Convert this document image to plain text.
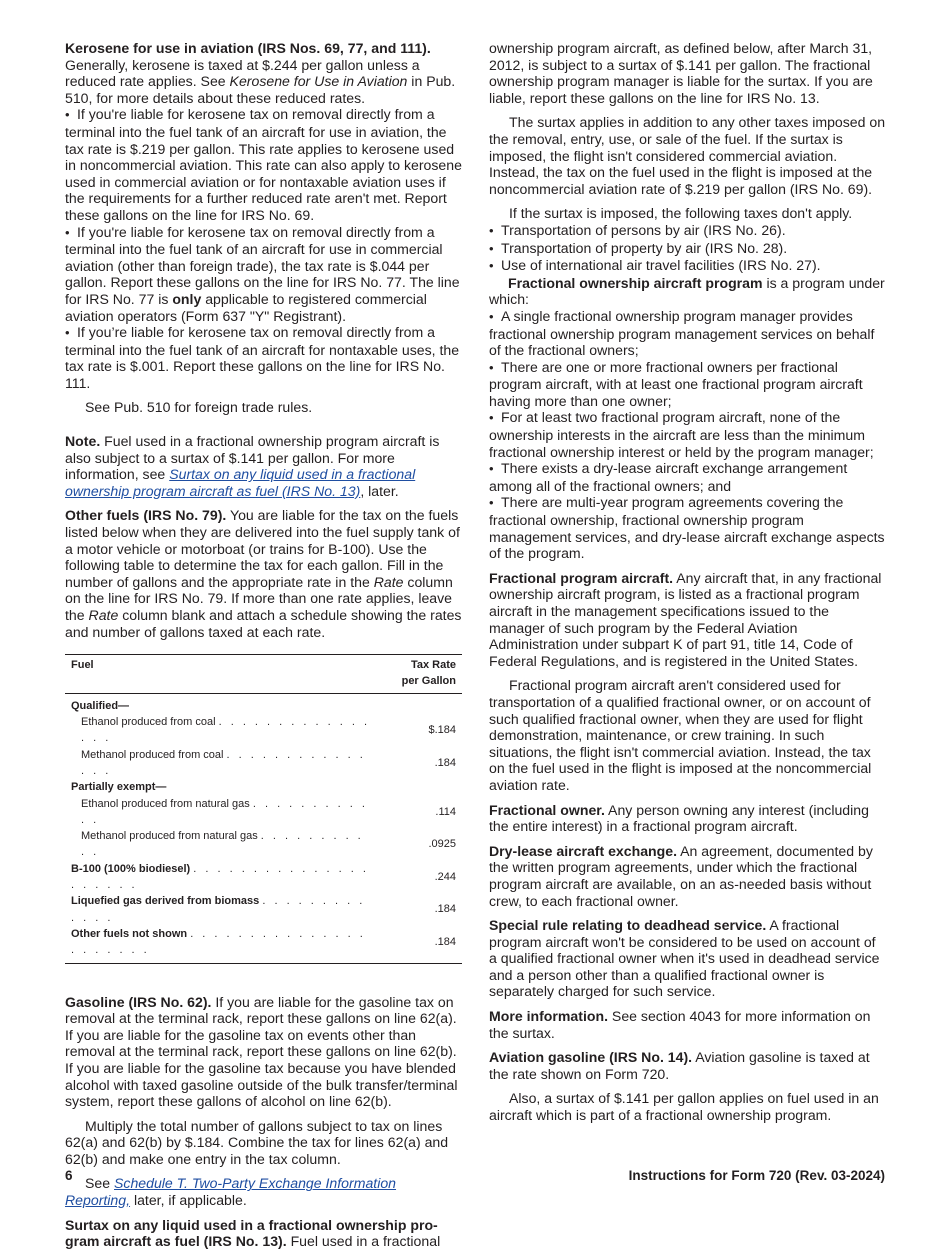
Kerosene for use in aviation (IRS Nos. 69, 77, and 111). Generally, kerosene is taxed at $.244 per gallon unless a reduced rate applies. See Kerosene for Use in Aviation in Pub. 510, for more details about these reduced rates.
• If you're liable for kerosene tax on removal directly from a terminal into the fuel tank of an aircraft for use in aviation, the tax rate is $.219 per gallon. This rate applies to kerosene used in noncommercial aviation. This rate can also apply to kerosene used in commercial aviation or for nontaxable aviation uses if the requirements for a further reduced rate aren't met. Report these gallons on the line for IRS No. 69.
• If you're liable for kerosene tax on removal directly from a terminal into the fuel tank of an aircraft for use in commercial aviation (other than foreign trade), the tax rate is $.044 per gallon. Report these gallons on the line for IRS No. 77. The line for IRS No. 77 is only applicable to registered commercial aviation operators (Form 637 "Y" Registrant).
• If you’re liable for kerosene tax on removal directly from a terminal into the fuel tank of an aircraft for nontaxable uses, the tax rate is $.001. Report these gallons on the line for IRS No. 111.

See Pub. 510 for foreign trade rules.

Note. Fuel used in a fractional ownership program aircraft is also subject to a surtax of $.141 per gallon. For more information, see Surtax on any liquid used in a fractional ownership program aircraft as fuel (IRS No. 13), later.

Other fuels (IRS No. 79). You are liable for the tax on the fuels listed below when they are delivered into the fuel supply tank of a motor vehicle or motorboat (or trains for B-100). Use the following table to determine the tax for each gallon. Fill in the number of gallons and the appropriate rate in the Rate column on the line for IRS No. 79. If more than one rate applies, leave the Rate column blank and attach a schedule showing the rates and number of gallons taxed at each rate.

Fuel	Tax Rate
per Gallon
Qualified—	
Ethanol produced from coal . . . . . . . . . . . . . . . .	$.184
Methanol produced from coal . . . . . . . . . . . . . . .	.184
Partially exempt—	
Ethanol produced from natural gas . . . . . . . . . . . .	.114
Methanol produced from natural gas . . . . . . . . . . .	.0925
B-100 (100% biodiesel) . . . . . . . . . . . . . . . . . . . . .	.244
Liquefied gas derived from biomass . . . . . . . . . . . . .	.184
Other fuels not shown . . . . . . . . . . . . . . . . . . . . . .	.184

Gasoline (IRS No. 62). If you are liable for the gasoline tax on removal at the terminal rack, report these gallons on line 62(a). If you are liable for the gasoline tax on events other than removal at the terminal rack, report these gallons on line 62(b). If you are liable for the gasoline tax because you have blended alcohol with taxed gasoline outside of the bulk transfer/terminal system, report these gallons of alcohol on line 62(b).

Multiply the total number of gallons subject to tax on lines 62(a) and 62(b) by $.184. Combine the tax for lines 62(a) and 62(b) and make one entry in the tax column.

See Schedule T. Two-Party Exchange Information Reporting, later, if applicable.

Surtax on any liquid used in a fractional ownership pro-gram aircraft as fuel (IRS No. 13). Fuel used in a fractional

ownership program aircraft, as defined below, after March 31, 2012, is subject to a surtax of $.141 per gallon. The fractional ownership program manager is liable for the surtax. If you are liable, report these gallons on the line for IRS No. 13.

The surtax applies in addition to any other taxes imposed on the removal, entry, use, or sale of the fuel. If the surtax is imposed, the flight isn't considered commercial aviation. Instead, the tax on the fuel used in the flight is imposed at the noncommercial aviation rate of $.219 per gallon (IRS No. 69).

If the surtax is imposed, the following taxes don't apply.

• Transportation of persons by air (IRS No. 26).
• Transportation of property by air (IRS No. 28).
• Use of international air travel facilities (IRS No. 27).

Fractional ownership aircraft program is a program under which:
• A single fractional ownership program manager provides fractional ownership program management services on behalf of the fractional owners;
• There are one or more fractional owners per fractional program aircraft, with at least one fractional program aircraft having more than one owner;
• For at least two fractional program aircraft, none of the ownership interests in the aircraft are less than the minimum fractional ownership interest or held by the program manager;
• There exists a dry-lease aircraft exchange arrangement among all of the fractional owners; and
• There are multi-year program agreements covering the fractional ownership, fractional ownership program management services, and dry-lease aircraft exchange aspects of the program.

Fractional program aircraft. Any aircraft that, in any fractional ownership aircraft program, is listed as a fractional program aircraft in the management specifications issued to the manager of such program by the Federal Aviation Administration under subpart K of part 91, title 14, Code of Federal Regulations, and is registered in the United States.

Fractional program aircraft aren't considered used for transportation of a qualified fractional owner, or on account of such qualified fractional owner, when they are used for flight demonstration, maintenance, or crew training. In such situations, the flight isn't commercial aviation. Instead, the tax on the fuel used in the flight is imposed at the noncommercial aviation rate.

Fractional owner. Any person owning any interest (including the entire interest) in a fractional program aircraft.

Dry-lease aircraft exchange. An agreement, documented by the written program agreements, under which the fractional program aircraft are available, on an as-needed basis without crew, to each fractional owner.

Special rule relating to deadhead service. A fractional program aircraft won't be considered to be used on account of a qualified fractional owner when it's used in deadhead service and a person other than a qualified fractional owner is separately charged for such service.

More information. See section 4043 for more information on the surtax.

Aviation gasoline (IRS No. 14). Aviation gasoline is taxed at the rate shown on Form 720.

Also, a surtax of $.141 per gallon applies on fuel used in an aircraft which is part of a fractional ownership program.

6	Instructions for Form 720 (Rev. 03-2024)
